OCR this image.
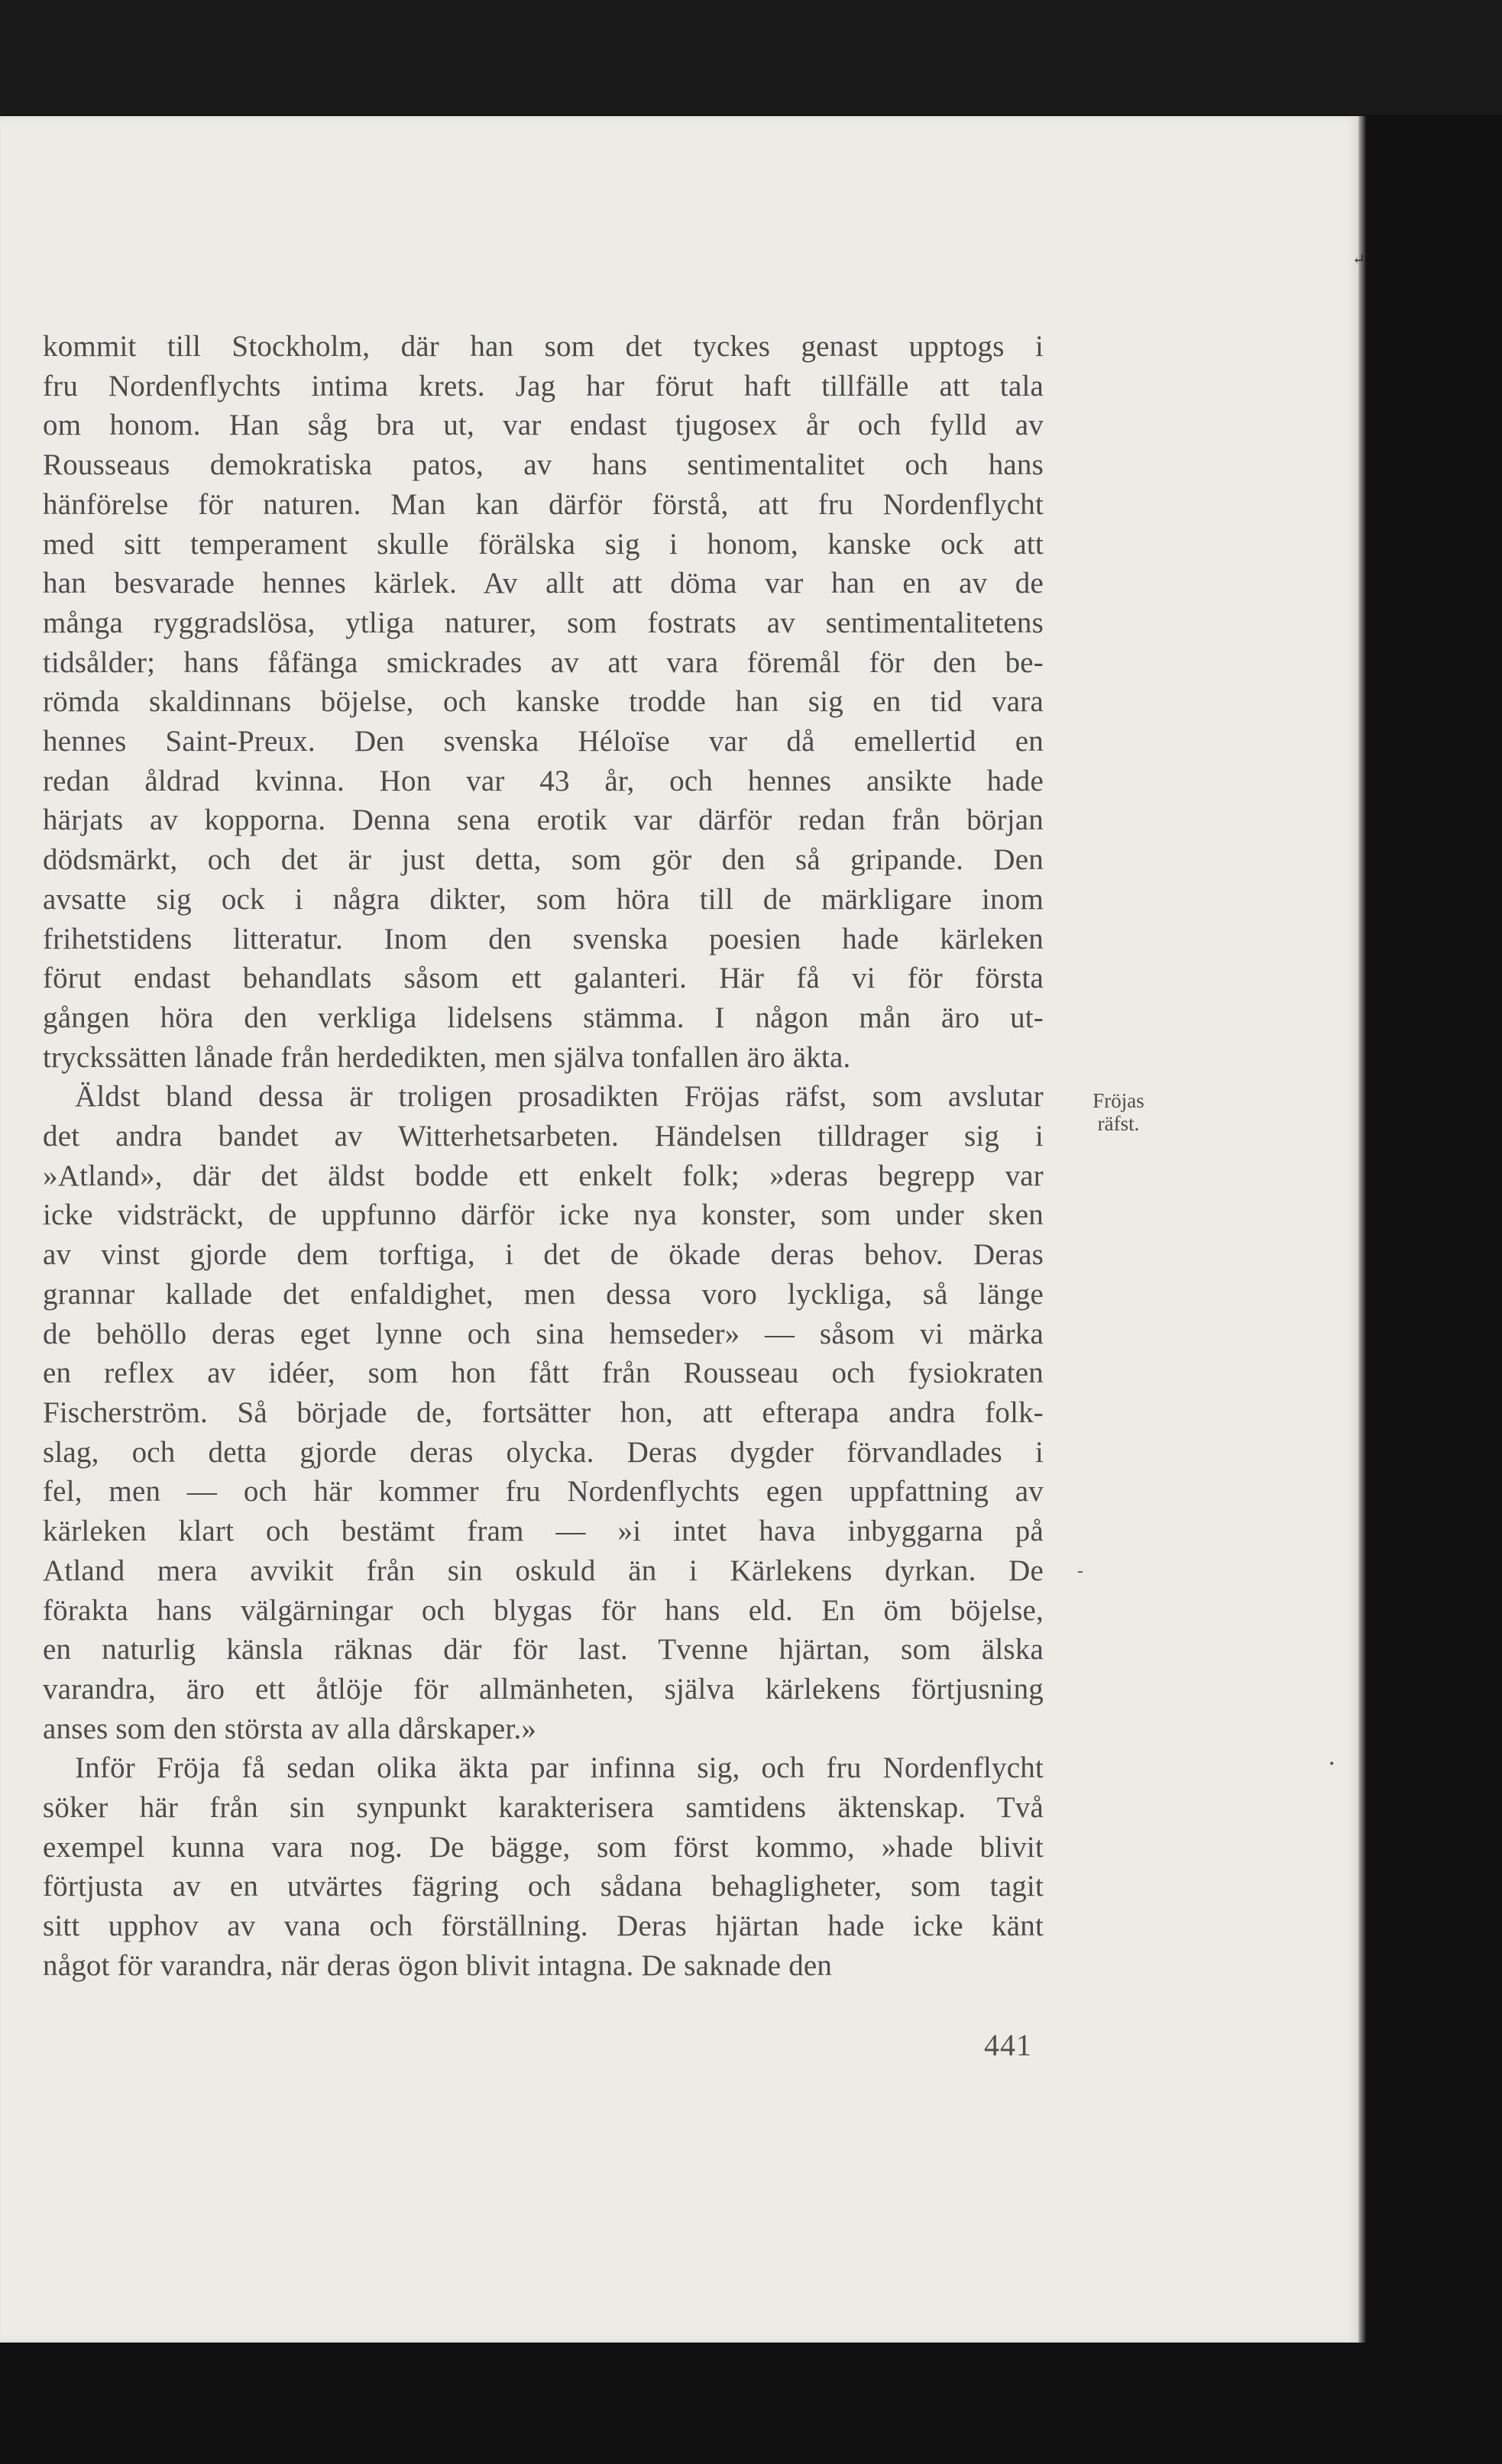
kommit till Stockholm, där han som det tyckes genast upptogs i
fru Nordenflychts intima krets. Jag har förut haft tillfälle att tala
om honom. Han såg bra ut, var endast tjugosex år och fylld av
Rousseaus demokratiska patos, av hans sentimentalitet och hans
hänförelse för naturen. Man kan därför förstå, att fru Nordenflycht
med sitt temperament skulle förälska sig i honom, kanske ock att
han besvarade hennes kärlek. Av allt att döma var han en av de
många ryggradslösa, ytliga naturer, som fostrats av sentimentalitetens
tidsålder; hans fåfänga smickrades av att vara föremål för den be-
römda skaldinnans böjelse, och kanske trodde han sig en tid vara
hennes Saint-Preux. Den svenska Héloïse var då emellertid en
redan åldrad kvinna. Hon var 43 år, och hennes ansikte hade
härjats av kopporna. Denna sena erotik var därför redan från början
dödsmärkt, och det är just detta, som gör den så gripande. Den
avsatte sig ock i några dikter, som höra till de märkligare inom
frihetstidens litteratur. Inom den svenska poesien hade kärleken
förut endast behandlats såsom ett galanteri. Här få vi för första
gången höra den verkliga lidelsens stämma. I någon mån äro ut-
tryckssätten lånade från herdedikten, men själva tonfallen äro äkta.
Äldst bland dessa är troligen prosadikten Fröjas räfst, som avslutar
det andra bandet av Witterhetsarbeten. Händelsen tilldrager sig i
»Atland», där det äldst bodde ett enkelt folk; »deras begrepp var
icke vidsträckt, de uppfunno därför icke nya konster, som under sken
av vinst gjorde dem torftiga, i det de ökade deras behov. Deras
grannar kallade det enfaldighet, men dessa voro lyckliga, så länge
de behöllo deras eget lynne och sina hemseder» — såsom vi märka
en reflex av idéer, som hon fått från Rousseau och fysiokraten
Fischerström. Så började de, fortsätter hon, att efterapa andra folk-
slag, och detta gjorde deras olycka. Deras dygder förvandlades i
fel, men — och här kommer fru Nordenflychts egen uppfattning av
kärleken klart och bestämt fram — »i intet hava inbyggarna på
Atland mera avvikit från sin oskuld än i Kärlekens dyrkan. De
förakta hans välgärningar och blygas för hans eld. En öm böjelse,
en naturlig känsla räknas där för last. Tvenne hjärtan, som älska
varandra, äro ett åtlöje för allmänheten, själva kärlekens förtjusning
anses som den största av alla dårskaper.»
Inför Fröja få sedan olika äkta par infinna sig, och fru Nordenflycht
söker här från sin synpunkt karakterisera samtidens äktenskap. Två
exempel kunna vara nog. De bägge, som först kommo, »hade blivit
förtjusta av en utvärtes fägring och sådana behagligheter, som tagit
sitt upphov av vana och förställning. Deras hjärtan hade icke känt
något för varandra, när deras ögon blivit intagna. De saknade den
Fröjas
räfst.
-
•
↵
441
